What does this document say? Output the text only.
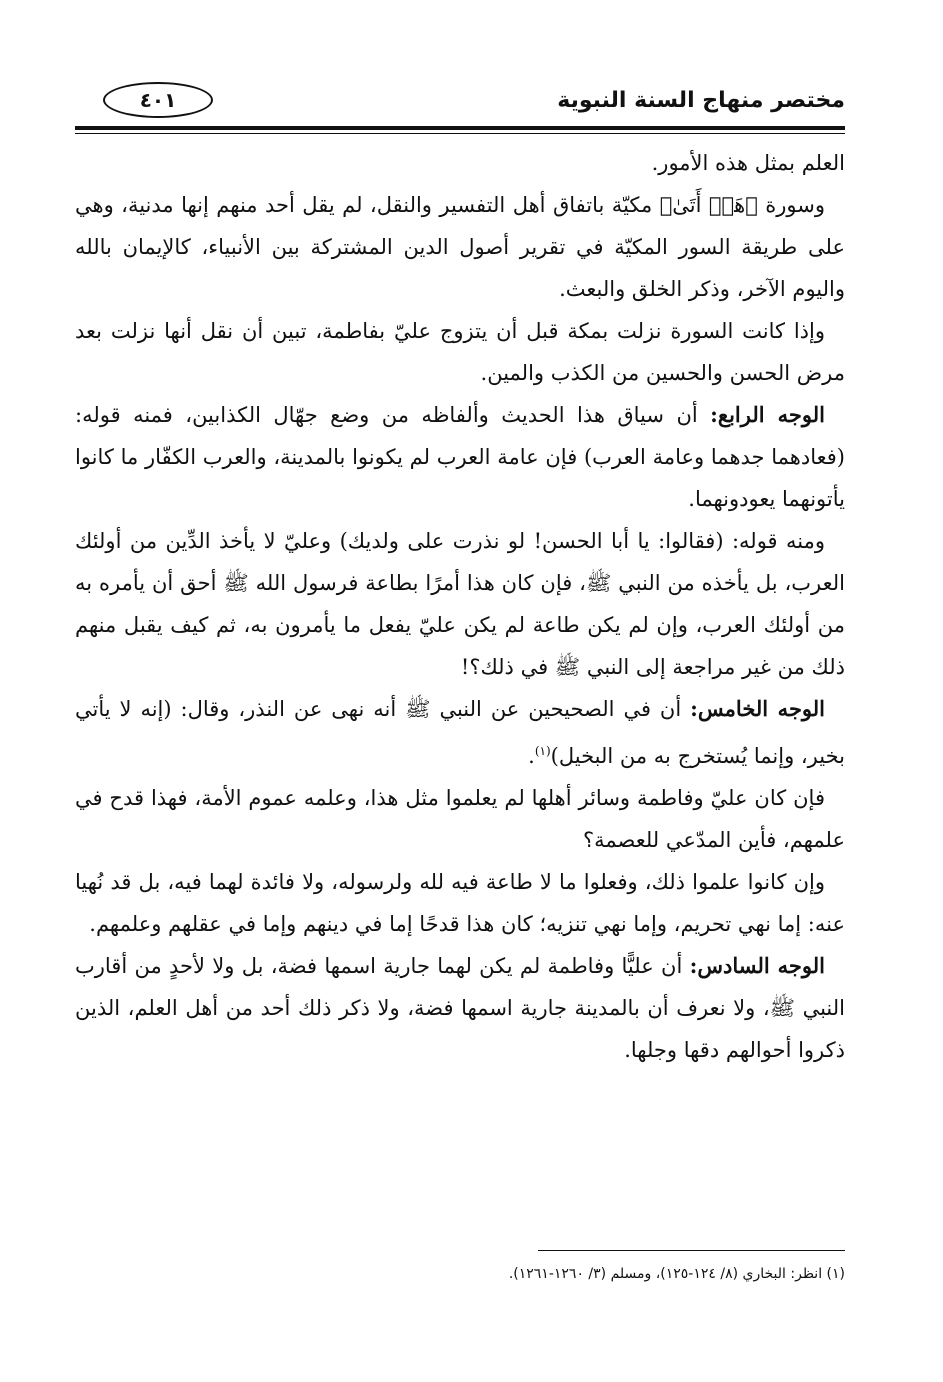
مختصر منهاج السنة النبوية
٤٠١

العلم بمثل هذه الأمور.

وسورة ﴿هَلۡ أَتَىٰ﴾ مكيّة باتفاق أهل التفسير والنقل، لم يقل أحد منهم إنها مدنية، وهي على طريقة السور المكيّة في تقرير أصول الدين المشتركة بين الأنبياء، كالإيمان بالله واليوم الآخر، وذكر الخلق والبعث.

وإذا كانت السورة نزلت بمكة قبل أن يتزوج عليّ بفاطمة، تبين أن نقل أنها نزلت بعد مرض الحسن والحسين من الكذب والمين.

الوجه الرابع: أن سياق هذا الحديث وألفاظه من وضع جهّال الكذابين، فمنه قوله: (فعادهما جدهما وعامة العرب) فإن عامة العرب لم يكونوا بالمدينة، والعرب الكفّار ما كانوا يأتونهما يعودونهما.

ومنه قوله: (فقالوا: يا أبا الحسن! لو نذرت على ولديك) وعليّ لا يأخذ الدِّين من أولئك العرب، بل يأخذه من النبي ﷺ، فإن كان هذا أمرًا بطاعة فرسول الله ﷺ أحق أن يأمره به من أولئك العرب، وإن لم يكن طاعة لم يكن عليّ يفعل ما يأمرون به، ثم كيف يقبل منهم ذلك من غير مراجعة إلى النبي ﷺ في ذلك؟!

الوجه الخامس: أن في الصحيحين عن النبي ﷺ أنه نهى عن النذر، وقال: (إنه لا يأتي بخير، وإنما يُستخرج به من البخيل)$^{(١)}$.

فإن كان عليّ وفاطمة وسائر أهلها لم يعلموا مثل هذا، وعلمه عموم الأمة، فهذا قدح في علمهم، فأين المدّعي للعصمة؟

وإن كانوا علموا ذلك، وفعلوا ما لا طاعة فيه لله ولرسوله، ولا فائدة لهما فيه، بل قد نُهيا عنه: إما نهي تحريم، وإما نهي تنزيه؛ كان هذا قدحًا إما في دينهم وإما في عقلهم وعلمهم.

الوجه السادس: أن عليًّا وفاطمة لم يكن لهما جارية اسمها فضة، بل ولا لأحدٍ من أقارب النبي ﷺ، ولا نعرف أن بالمدينة جارية اسمها فضة، ولا ذكر ذلك أحد من أهل العلم، الذين ذكروا أحوالهم دقها وجلها.

(١) انظر: البخاري (٨/ ١٢٤-١٢٥)، ومسلم (٣/ ١٢٦٠-١٢٦١).
